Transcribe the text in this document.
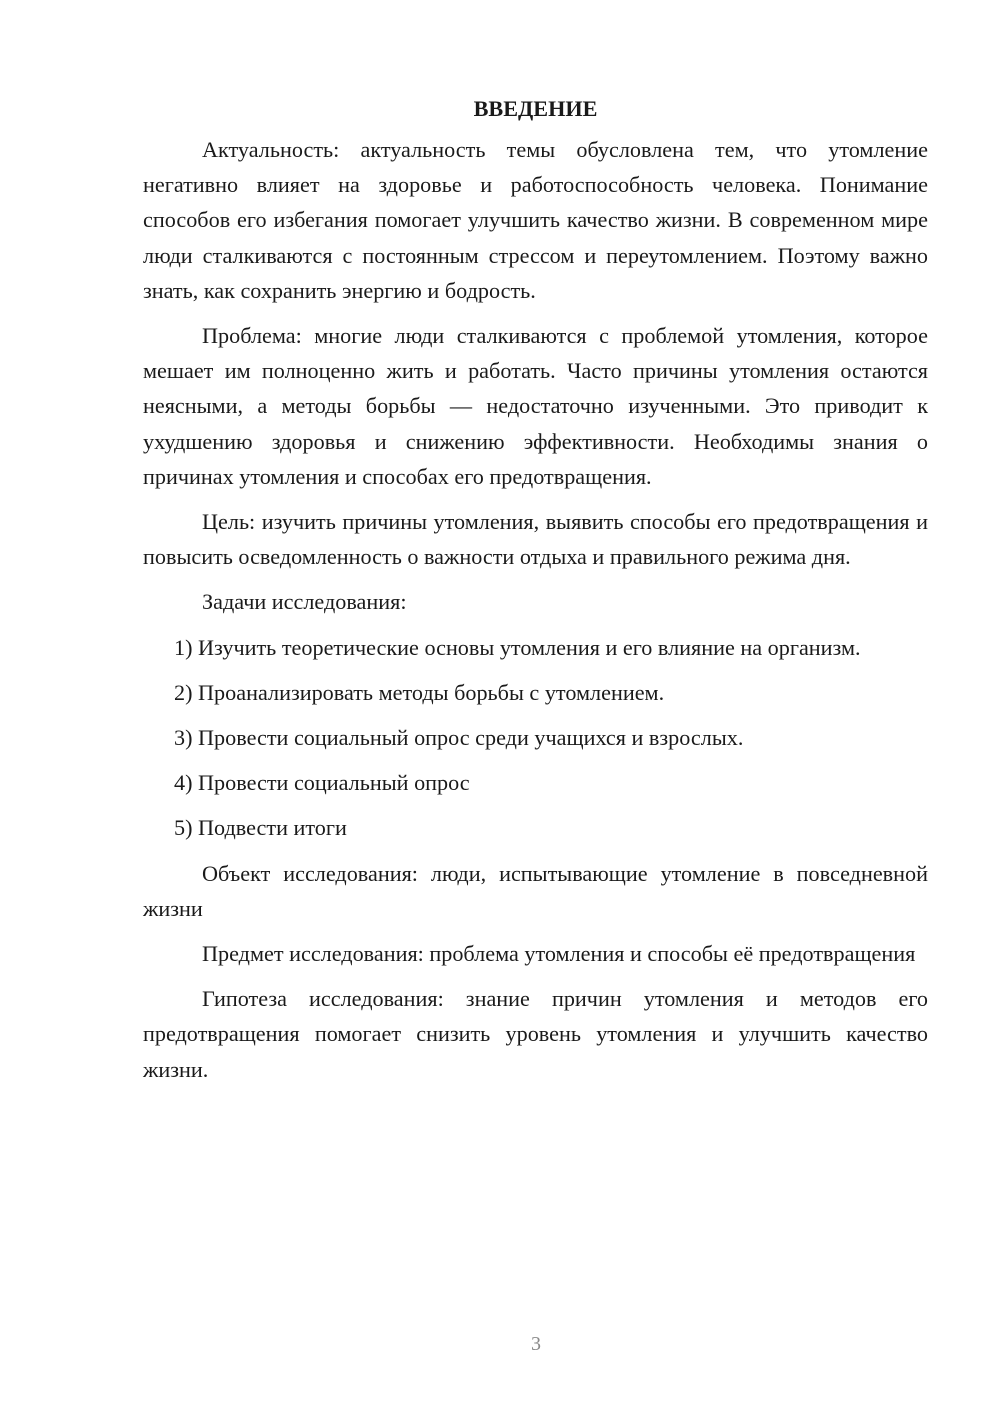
ВВЕДЕНИЕ

Актуальность: актуальность темы обусловлена тем, что утомление негативно влияет на здоровье и работоспособность человека. Понимание способов его избегания помогает улучшить качество жизни. В современном мире люди сталкиваются с постоянным стрессом и переутомлением. Поэтому важно знать, как сохранить энергию и бодрость.

Проблема: многие люди сталкиваются с проблемой утомления, которое мешает им полноценно жить и работать. Часто причины утомления остаются неясными, а методы борьбы — недостаточно изученными. Это приводит к ухудшению здоровья и снижению эффективности. Необходимы знания о причинах утомления и способах его предотвращения.

Цель: изучить причины утомления, выявить способы его предотвращения и повысить осведомленность о важности отдыха и правильного режима дня.

Задачи исследования:

1) Изучить теоретические основы утомления и его влияние на организм.
2) Проанализировать методы борьбы с утомлением.
3) Провести социальный опрос среди учащихся и взрослых.
4) Провести социальный опрос
5) Подвести итоги

Объект исследования: люди, испытывающие утомление в повседневной жизни

Предмет исследования: проблема утомления и способы её предотвращения

Гипотеза исследования: знание причин утомления и методов его предотвращения помогает снизить уровень утомления и улучшить качество жизни.

3
